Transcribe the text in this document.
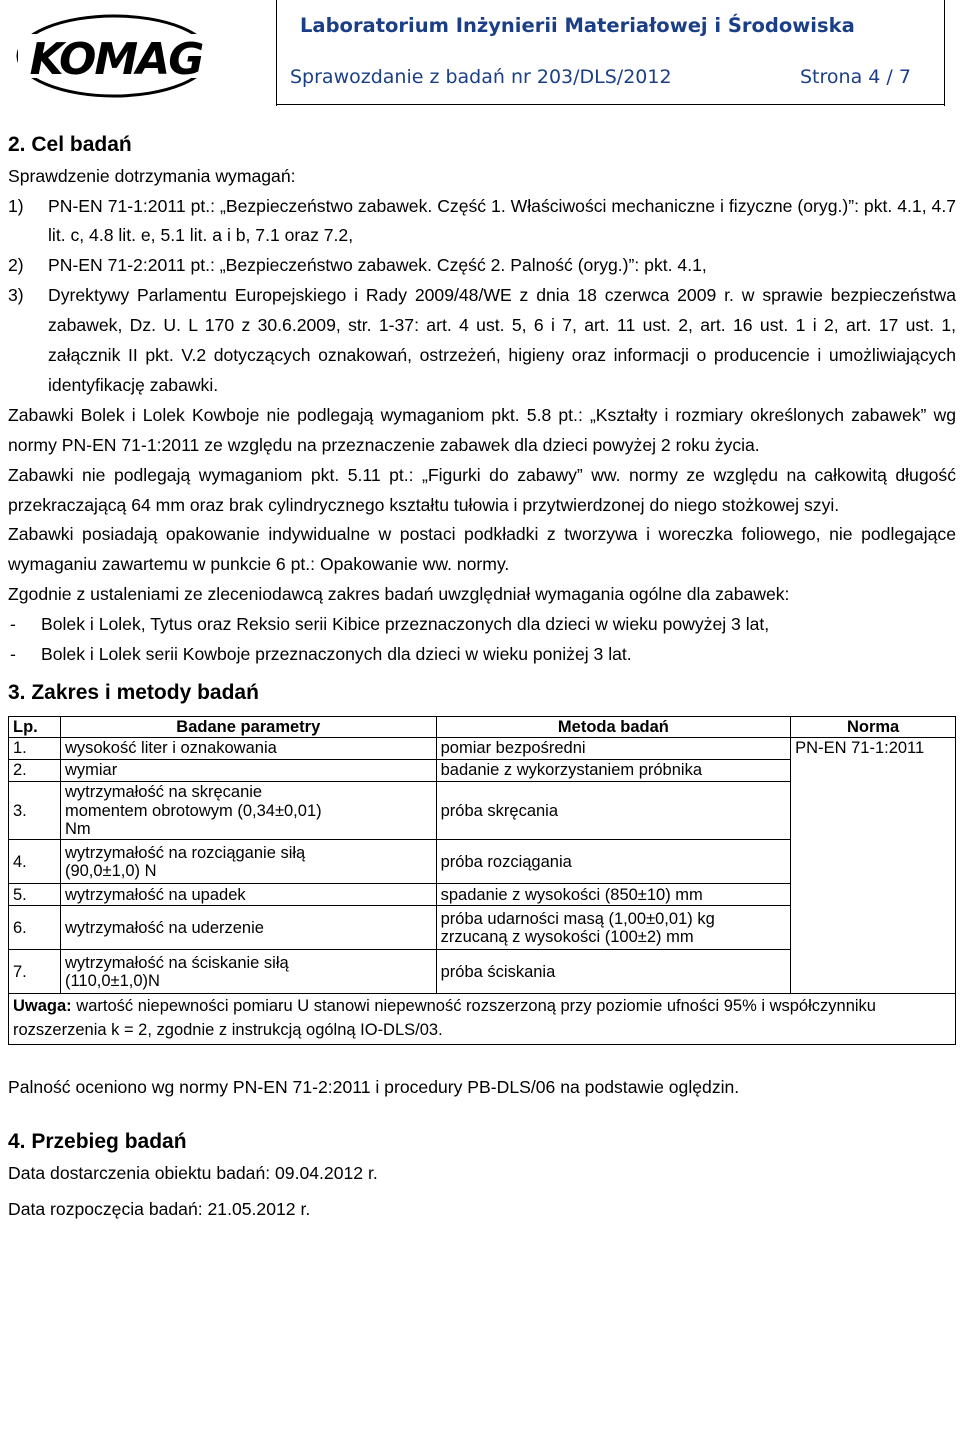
KOMAG
Laboratorium Inżynierii Materiałowej i Środowiska
Sprawozdanie z badań nr 203/DLS/2012	Strona 4 / 7
2. Cel badań

Sprawdzenie dotrzymania wymagań:

1) PN-EN 71-1:2011 pt.: „Bezpieczeństwo zabawek. Część 1. Właściwości mechaniczne i fizyczne (oryg.)”: pkt. 4.1, 4.7 lit. c, 4.8 lit. e, 5.1 lit. a i b, 7.1 oraz 7.2,
2) PN-EN 71-2:2011 pt.: „Bezpieczeństwo zabawek. Część 2. Palność (oryg.)”: pkt. 4.1,
3) Dyrektywy Parlamentu Europejskiego i Rady 2009/48/WE z dnia 18 czerwca 2009 r. w sprawie bezpieczeństwa zabawek, Dz. U. L 170 z 30.6.2009, str. 1-37: art. 4 ust. 5, 6 i 7, art. 11 ust. 2, art. 16 ust. 1 i 2, art. 17 ust. 1, załącznik II pkt. V.2 dotyczących oznakowań, ostrzeżeń, higieny oraz informacji o producencie i umożliwiających identyfikację zabawki.

Zabawki Bolek i Lolek Kowboje nie podlegają wymaganiom pkt. 5.8 pt.: „Kształty i rozmiary określonych zabawek” wg normy PN-EN 71-1:2011 ze względu na przeznaczenie zabawek dla dzieci powyżej 2 roku życia.

Zabawki nie podlegają wymaganiom pkt. 5.11 pt.: „Figurki do zabawy” ww. normy ze względu na całkowitą długość przekraczającą 64 mm oraz brak cylindrycznego kształtu tułowia i przytwierdzonej do niego stożkowej szyi.

Zabawki posiadają opakowanie indywidualne w postaci podkładki z tworzywa i woreczka foliowego, nie podlegające wymaganiu zawartemu w punkcie 6 pt.: Opakowanie ww. normy.

Zgodnie z ustaleniami ze zleceniodawcą zakres badań uwzględniał wymagania ogólne dla zabawek:

- Bolek i Lolek, Tytus oraz Reksio serii Kibice przeznaczonych dla dzieci w wieku powyżej 3 lat,
- Bolek i Lolek serii Kowboje przeznaczonych dla dzieci w wieku poniżej 3 lat.
3. Zakres i metody badań
Lp.	Badane parametry	Metoda badań	Norma
1.	wysokość liter i oznakowania	pomiar bezpośredni	PN-EN 71-1:2011
2.	wymiar	badanie z wykorzystaniem próbnika	
3.	wytrzymałość na skręcanie momentem obrotowym (0,34±0,01) Nm	próba skręcania	
4.	wytrzymałość na rozciąganie siłą (90,0±1,0) N	próba rozciągania	
5.	wytrzymałość na upadek	spadanie z wysokości (850±10) mm	
6.	wytrzymałość na uderzenie	próba udarności masą (1,00±0,01) kg zrzucaną z wysokości (100±2) mm	
7.	wytrzymałość na ściskanie siłą (110,0±1,0)N	próba ściskania	
Uwaga: wartość niepewności pomiaru U stanowi niepewność rozszerzoną przy poziomie ufności 95% i współczynniku rozszerzenia k = 2, zgodnie z instrukcją ogólną IO-DLS/03.			

Palność oceniono wg normy PN-EN 71-2:2011 i procedury PB-DLS/06 na podstawie oględzin.

4. Przebieg badań

Data dostarczenia obiektu badań: 09.04.2012 r.

Data rozpoczęcia badań: 21.05.2012 r.
